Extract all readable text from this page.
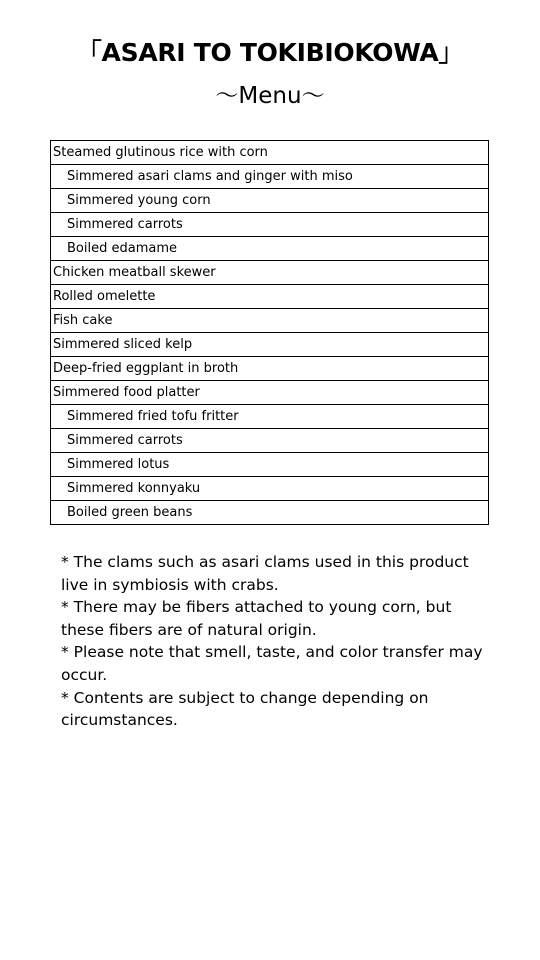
「ASARI TO TOKIBIOKOWA」
～Menu～
Steamed glutinous rice with corn
Simmered asari clams and ginger with miso
Simmered young corn
Simmered carrots
Boiled edamame
Chicken meatball skewer
Rolled omelette
Fish cake
Simmered sliced kelp
Deep-fried eggplant in broth
Simmered food platter
Simmered fried tofu fritter
Simmered carrots
Simmered lotus
Simmered konnyaku
Boiled green beans

* The clams such as asari clams used in this product live in symbiosis with crabs.

* There may be fibers attached to young corn, but these fibers are of natural origin.

* Please note that smell, taste, and color transfer may occur.

* Contents are subject to change depending on circumstances.
